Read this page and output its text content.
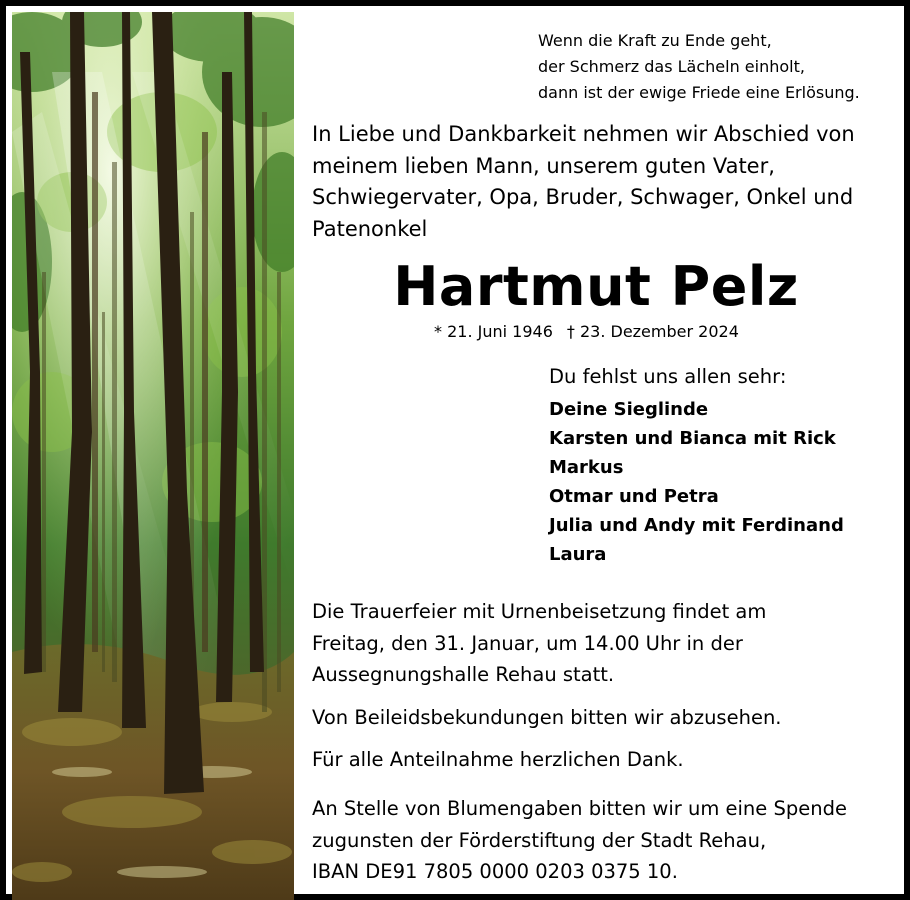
Wenn die Kraft zu Ende geht,
der Schmerz das Lächeln einholt,
dann ist der ewige Friede eine Erlösung.
In Liebe und Dankbarkeit nehmen wir Abschied von
meinem lieben Mann, unserem guten Vater,
Schwiegervater, Opa, Bruder, Schwager, Onkel und
Patenonkel
Hartmut Pelz
* 21. Juni 1946 † 23. Dezember 2024
Du fehlst uns allen sehr:
Deine Sieglinde
Karsten und Bianca mit Rick
Markus
Otmar und Petra
Julia und Andy mit Ferdinand
Laura
Die Trauerfeier mit Urnenbeisetzung findet am
Freitag, den 31. Januar, um 14.00 Uhr in der
Aussegnungshalle Rehau statt.
Von Beileidsbekundungen bitten wir abzusehen.
Für alle Anteilnahme herzlichen Dank.
An Stelle von Blumengaben bitten wir um eine Spende
zugunsten der Förderstiftung der Stadt Rehau,
IBAN DE91 7805 0000 0203 0375 10.
